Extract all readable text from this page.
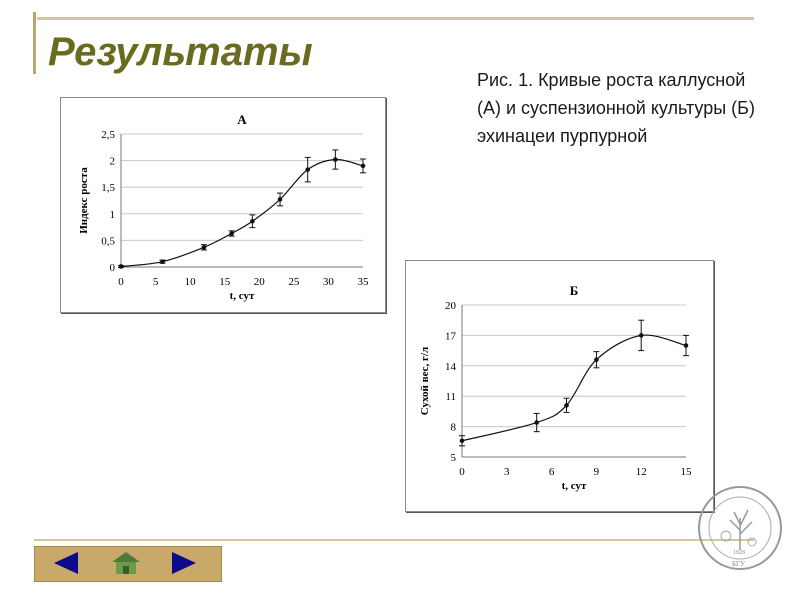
Результаты
Рис. 1. Кривые роста каллусной (А) и суспензионной культуры (Б) эхинацеи пурпурной
А
0
0,5
1
1,5
2
2,5
0	5 10 15 20 25 30 35
t, сут
Индекс роста
Б
5
8
11
14
17
20
0	3	6	9	12	15
t, сут
Сухой вес, г/л
1928
БГУ
